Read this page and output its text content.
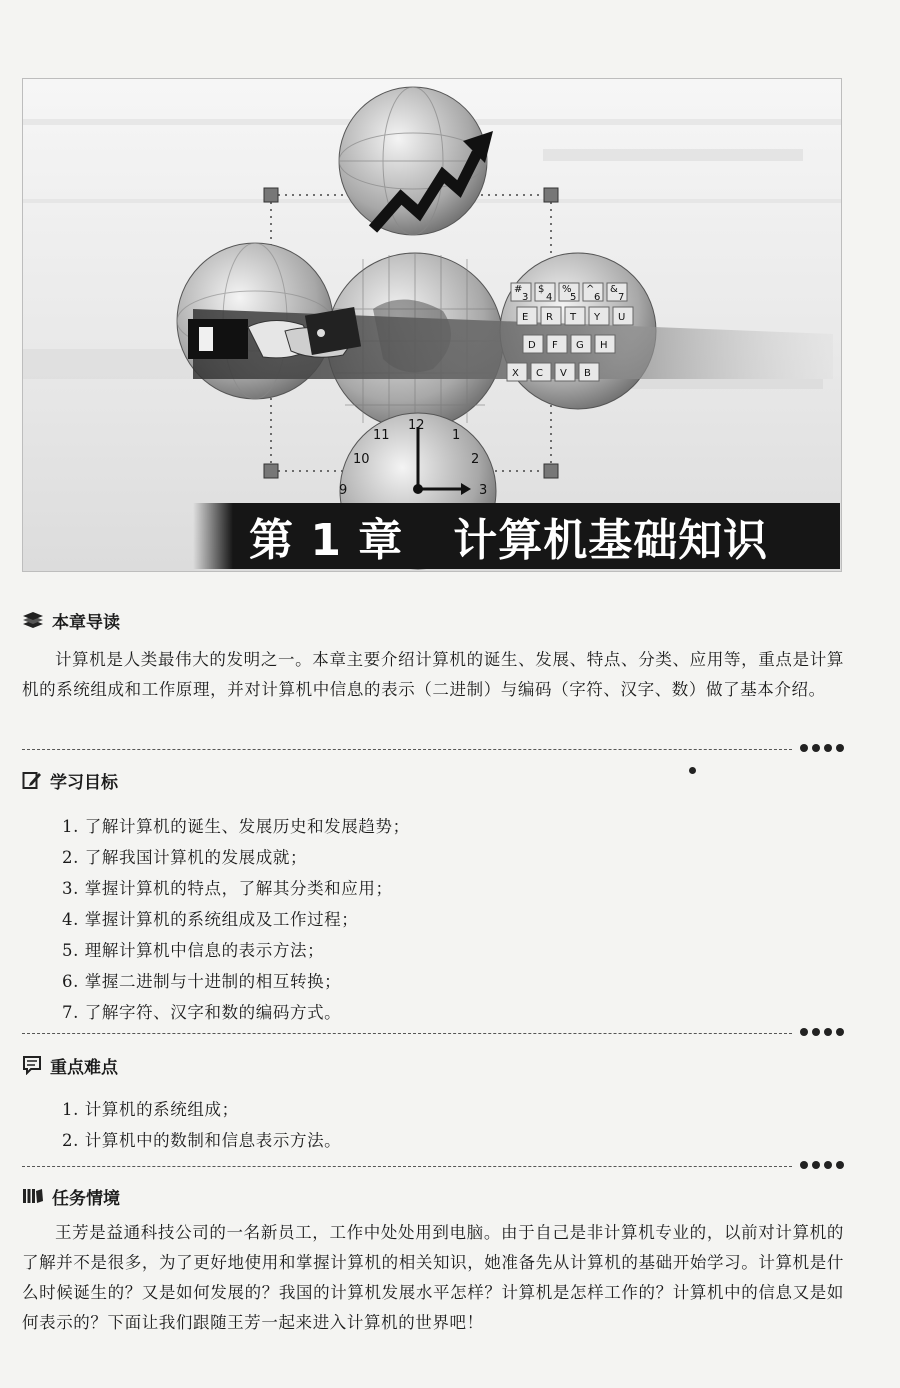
# $ % ^ &
3 4 5 6 7
E R T Y U
D F G H
X C V B
12
1
2
3
11
10
9
第 1 章 计算机基础知识
本章导读

计算机是人类最伟大的发明之一。本章主要介绍计算机的诞生、发展、特点、分类、应用等，重点是计算机的系统组成和工作原理，并对计算机中信息的表示（二进制）与编码（字符、汉字、数）做了基本介绍。

学习目标
1. 了解计算机的诞生、发展历史和发展趋势；
2. 了解我国计算机的发展成就；
3. 掌握计算机的特点，了解其分类和应用；
4. 掌握计算机的系统组成及工作过程；
5. 理解计算机中信息的表示方法；
6. 掌握二进制与十进制的相互转换；
7. 了解字符、汉字和数的编码方式。
重点难点
1. 计算机的系统组成；
2. 计算机中的数制和信息表示方法。
任务情境

王芳是益通科技公司的一名新员工，工作中处处用到电脑。由于自己是非计算机专业的，以前对计算机的了解并不是很多，为了更好地使用和掌握计算机的相关知识，她准备先从计算机的基础开始学习。计算机是什么时候诞生的？又是如何发展的？我国的计算机发展水平怎样？计算机是怎样工作的？计算机中的信息又是如何表示的？下面让我们跟随王芳一起来进入计算机的世界吧！
